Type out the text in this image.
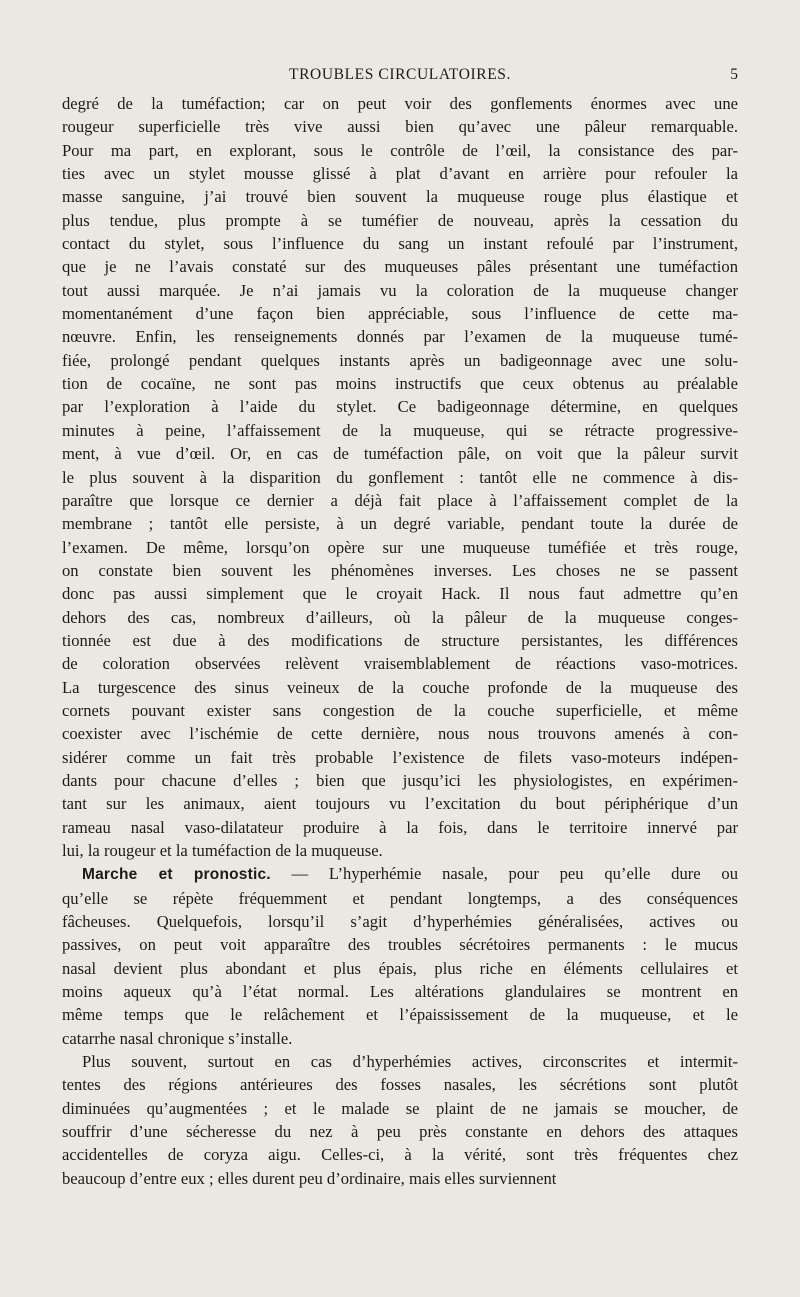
TROUBLES CIRCULATOIRES.	5
degré de la tuméfaction; car on peut voir des gonflements énormes avec une
rougeur superficielle très vive aussi bien qu’avec une pâleur remarquable.
Pour ma part, en explorant, sous le contrôle de l’œil, la consistance des par-
ties avec un stylet mousse glissé à plat d’avant en arrière pour refouler la
masse sanguine, j’ai trouvé bien souvent la muqueuse rouge plus élastique et
plus tendue, plus prompte à se tuméfier de nouveau, après la cessation du
contact du stylet, sous l’influence du sang un instant refoulé par l’instrument,
que je ne l’avais constaté sur des muqueuses pâles présentant une tuméfaction
tout aussi marquée. Je n’ai jamais vu la coloration de la muqueuse changer
momentanément d’une façon bien appréciable, sous l’influence de cette ma-
nœuvre. Enfin, les renseignements donnés par l’examen de la muqueuse tumé-
fiée, prolongé pendant quelques instants après un badigeonnage avec une solu-
tion de cocaïne, ne sont pas moins instructifs que ceux obtenus au préalable
par l’exploration à l’aide du stylet. Ce badigeonnage détermine, en quelques
minutes à peine, l’affaissement de la muqueuse, qui se rétracte progressive-
ment, à vue d’œil. Or, en cas de tuméfaction pâle, on voit que la pâleur survit
le plus souvent à la disparition du gonflement : tantôt elle ne commence à dis-
paraître que lorsque ce dernier a déjà fait place à l’affaissement complet de la
membrane ; tantôt elle persiste, à un degré variable, pendant toute la durée de
l’examen. De même, lorsqu’on opère sur une muqueuse tuméfiée et très rouge,
on constate bien souvent les phénomènes inverses. Les choses ne se passent
donc pas aussi simplement que le croyait Hack. Il nous faut admettre qu’en
dehors des cas, nombreux d’ailleurs, où la pâleur de la muqueuse conges-
tionnée est due à des modifications de structure persistantes, les différences
de coloration observées relèvent vraisemblablement de réactions vaso-motrices.
La turgescence des sinus veineux de la couche profonde de la muqueuse des
cornets pouvant exister sans congestion de la couche superficielle, et même
coexister avec l’ischémie de cette dernière, nous nous trouvons amenés à con-
sidérer comme un fait très probable l’existence de filets vaso-moteurs indépen-
dants pour chacune d’elles ; bien que jusqu’ici les physiologistes, en expérimen-
tant sur les animaux, aient toujours vu l’excitation du bout périphérique d’un
rameau nasal vaso-dilatateur produire à la fois, dans le territoire innervé par
lui, la rougeur et la tuméfaction de la muqueuse.
Marche et pronostic. — L’hyperhémie nasale, pour peu qu’elle dure ou
qu’elle se répète fréquemment et pendant longtemps, a des conséquences
fâcheuses. Quelquefois, lorsqu’il s’agit d’hyperhémies généralisées, actives ou
passives, on peut voit apparaître des troubles sécrétoires permanents : le mucus
nasal devient plus abondant et plus épais, plus riche en éléments cellulaires et
moins aqueux qu’à l’état normal. Les altérations glandulaires se montrent en
même temps que le relâchement et l’épaississement de la muqueuse, et le
catarrhe nasal chronique s’installe.
Plus souvent, surtout en cas d’hyperhémies actives, circonscrites et intermit-
tentes des régions antérieures des fosses nasales, les sécrétions sont plutôt
diminuées qu’augmentées ; et le malade se plaint de ne jamais se moucher, de
souffrir d’une sécheresse du nez à peu près constante en dehors des attaques
accidentelles de coryza aigu. Celles-ci, à la vérité, sont très fréquentes chez
beaucoup d’entre eux ; elles durent peu d’ordinaire, mais elles surviennent
